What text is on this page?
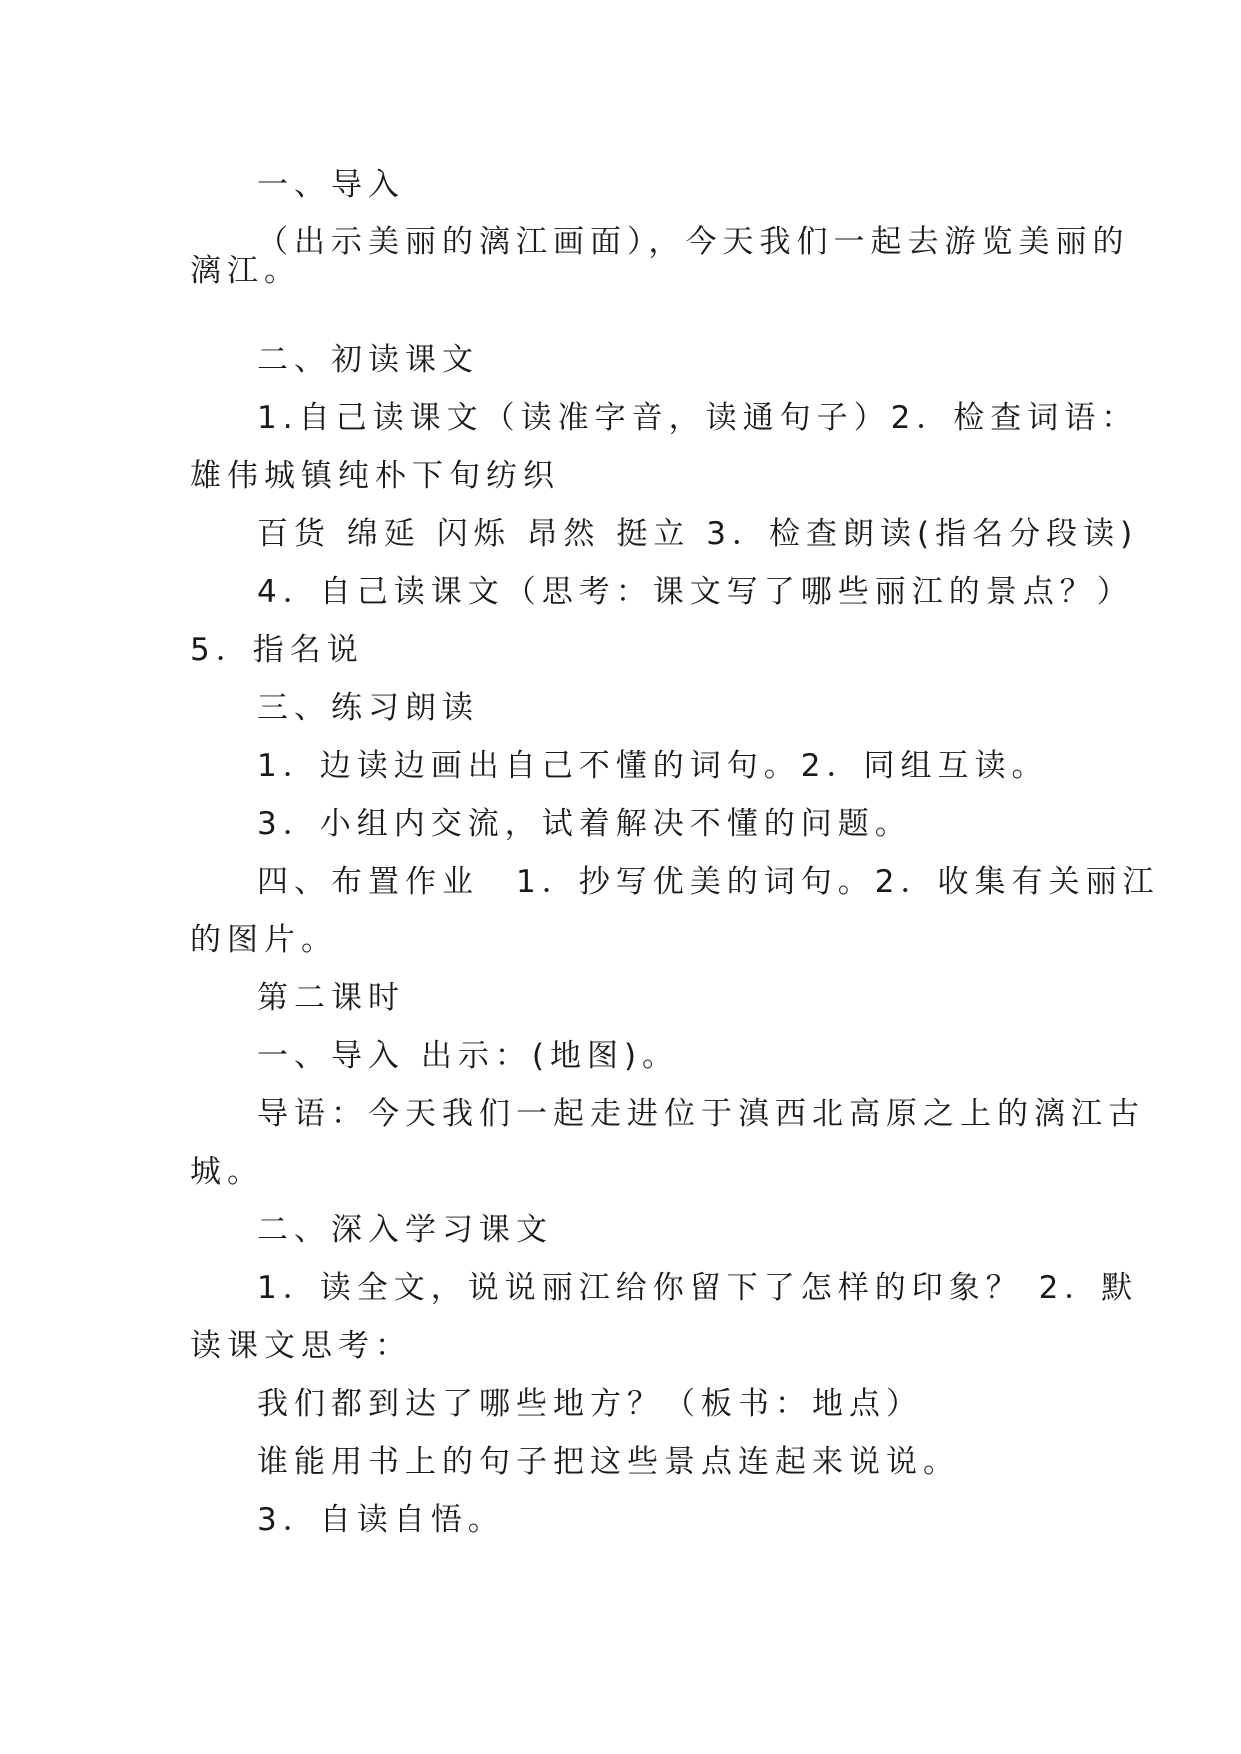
一、导入
（出示美丽的漓江画面），今天我们一起去游览美丽的
漓江。
二、初读课文
1.自己读课文（读准字音，读通句子）2．检查词语：
雄伟城镇纯朴下旬纺织
百货 绵延 闪烁 昂然 挺立 3．检查朗读(指名分段读)
4．自己读课文（思考：课文写了哪些丽江的景点？）
5．指名说
三、练习朗读
1．边读边画出自己不懂的词句。2．同组互读。
3．小组内交流，试着解决不懂的问题。
四、布置作业　1．抄写优美的词句。2．收集有关丽江
的图片。
第二课时
一、导入 出示：(地图)。
导语：今天我们一起走进位于滇西北高原之上的漓江古
城。
二、深入学习课文
1．读全文，说说丽江给你留下了怎样的印象？ 2．默
读课文思考：
我们都到达了哪些地方？（板书：地点）
谁能用书上的句子把这些景点连起来说说。
3．自读自悟。
